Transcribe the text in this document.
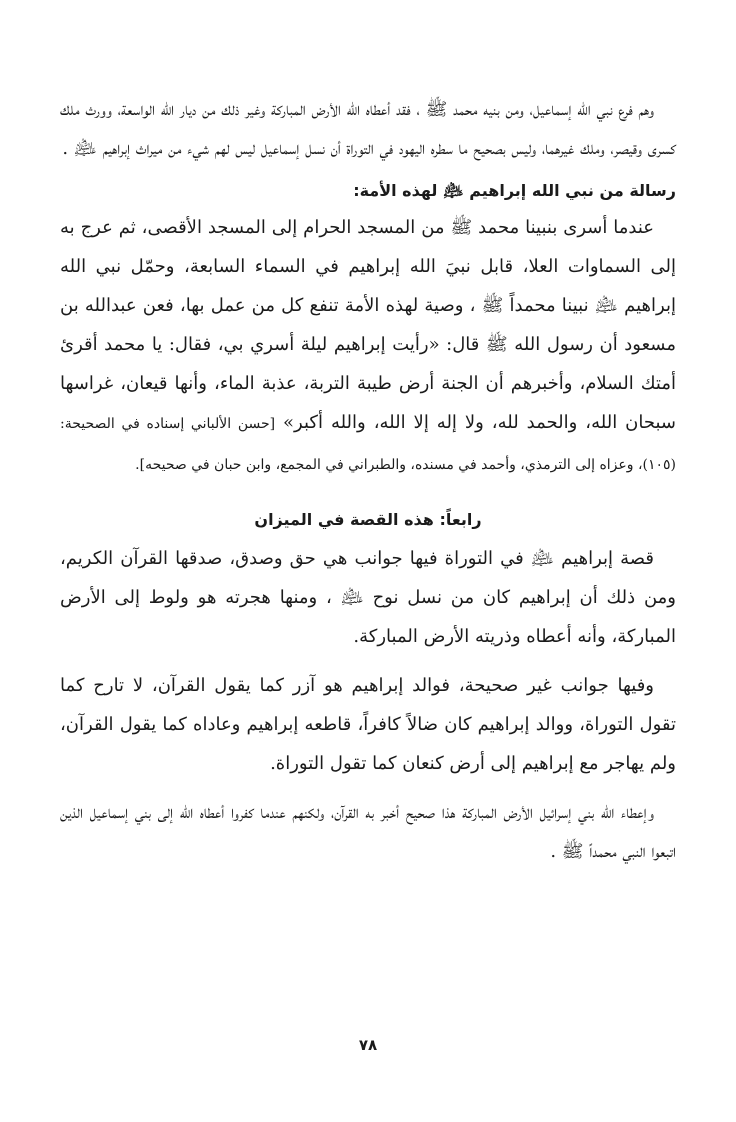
وهم فرع نبي الله إسماعيل، ومن بنيه محمد ﷺ ، فقد أعطاه الله الأرض المباركة وغير ذلك من ديار الله الواسعة، وورث ملك كسرى وقيصر، وملك غيرهما، وليس بصحيح ما سطره اليهود في التوراة أن نسل إسماعيل ليس لهم شيء من ميراث إبراهيم ﵇ .

رسالة من نبي الله إبراهيم ﵇ لهذه الأمة:

عندما أسرى بنبينا محمد ﷺ من المسجد الحرام إلى المسجد الأقصى، ثم عرج به إلى السماوات العلا، قابل نبيَ الله إبراهيم في السماء السابعة، وحمّل نبي الله إبراهيم ﵇ نبينا محمداً ﷺ ، وصية لهذه الأمة تنفع كل من عمل بها، فعن عبدالله بن مسعود أن رسول الله ﷺ قال: «رأيت إبراهيم ليلة أسري بي، فقال: يا محمد أقرئ أمتك السلام، وأخبرهم أن الجنة أرض طيبة التربة، عذبة الماء، وأنها قيعان، غراسها سبحان الله، والحمد لله، ولا إله إلا الله، والله أكبر» [حسن الألباني إسناده في الصحيحة: (١٠٥)، وعزاه إلى الترمذي، وأحمد في مسنده، والطبراني في المجمع، وابن حبان في صحيحه].

رابعاً: هذه القصة في الميزان

قصة إبراهيم ﵇ في التوراة فيها جوانب هي حق وصدق، صدقها القرآن الكريم، ومن ذلك أن إبراهيم كان من نسل نوح ﵇ ، ومنها هجرته هو ولوط إلى الأرض المباركة، وأنه أعطاه وذريته الأرض المباركة.

وفيها جوانب غير صحيحة، فوالد إبراهيم هو آزر كما يقول القرآن، لا تارح كما تقول التوراة، ووالد إبراهيم كان ضالاً كافراً، قاطعه إبراهيم وعاداه كما يقول القرآن، ولم يهاجر مع إبراهيم إلى أرض كنعان كما تقول التوراة.

وإعطاء الله بني إسرائيل الأرض المباركة هذا صحيح أخبر به القرآن، ولكنهم عندما كفروا أعطاه الله إلى بني إسماعيل الذين اتبعوا النبي محمداً ﷺ .

٧٨
